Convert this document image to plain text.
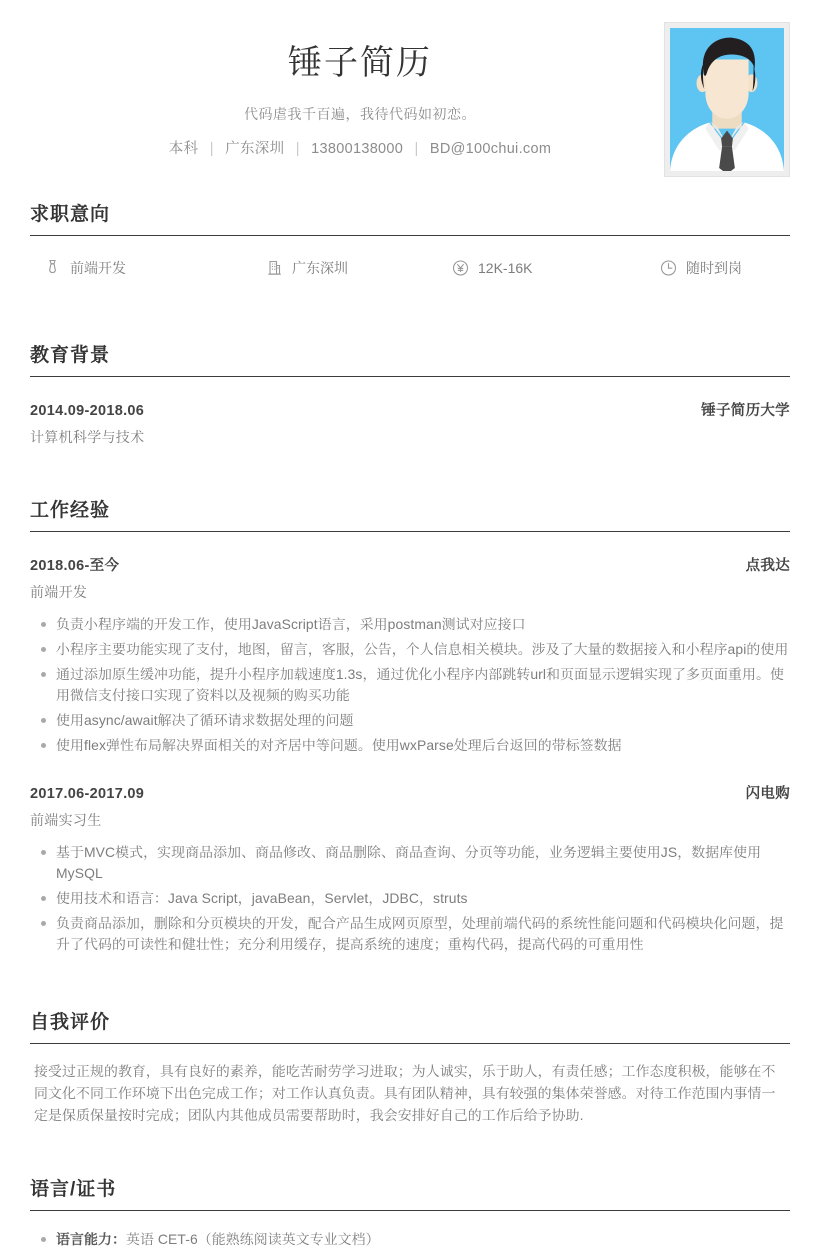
锤子简历
代码虐我千百遍，我待代码如初恋。
本科 | 广东深圳 | 13800138000 | BD@100chui.com
求职意向
前端开发	广东深圳	12K-16K	随时到岗
教育背景
2014.09-2018.06	锤子简历大学
计算机科学与技术
工作经验
2018.06-至今	点我达
前端开发
负责小程序端的开发工作，使用JavaScript语言，采用postman测试对应接口
小程序主要功能实现了支付，地图，留言，客服，公告，个人信息相关模块。涉及了大量的数据接入和小程序api的使用
通过添加原生缓冲功能，提升小程序加载速度1.3s，通过优化小程序内部跳转url和页面显示逻辑实现了多页面重用。使用微信支付接口实现了资料以及视频的购买功能
使用async/await解决了循环请求数据处理的问题
使用flex弹性布局解决界面相关的对齐居中等问题。使用wxParse处理后台返回的带标签数据
2017.06-2017.09	闪电购
前端实习生
基于MVC模式，实现商品添加、商品修改、商品删除、商品查询、分页等功能，业务逻辑主要使用JS，数据库使用MySQL
使用技术和语言：Java Script，javaBean，Servlet，JDBC，struts
负责商品添加，删除和分页模块的开发，配合产品生成网页原型，处理前端代码的系统性能问题和代码模块化问题，提升了代码的可读性和健壮性；充分利用缓存，提高系统的速度；重构代码，提高代码的可重用性
自我评价
接受过正规的教育，具有良好的素养，能吃苦耐劳学习进取；为人诚实，乐于助人，有责任感；工作态度积极，能够在不同文化不同工作环境下出色完成工作；对工作认真负责。具有团队精神，具有较强的集体荣誉感。对待工作范围内事情一定是保质保量按时完成；团队内其他成员需要帮助时，我会安排好自己的工作后给予协助.
语言/证书
语言能力：英语 CET-6（能熟练阅读英文专业文档）
